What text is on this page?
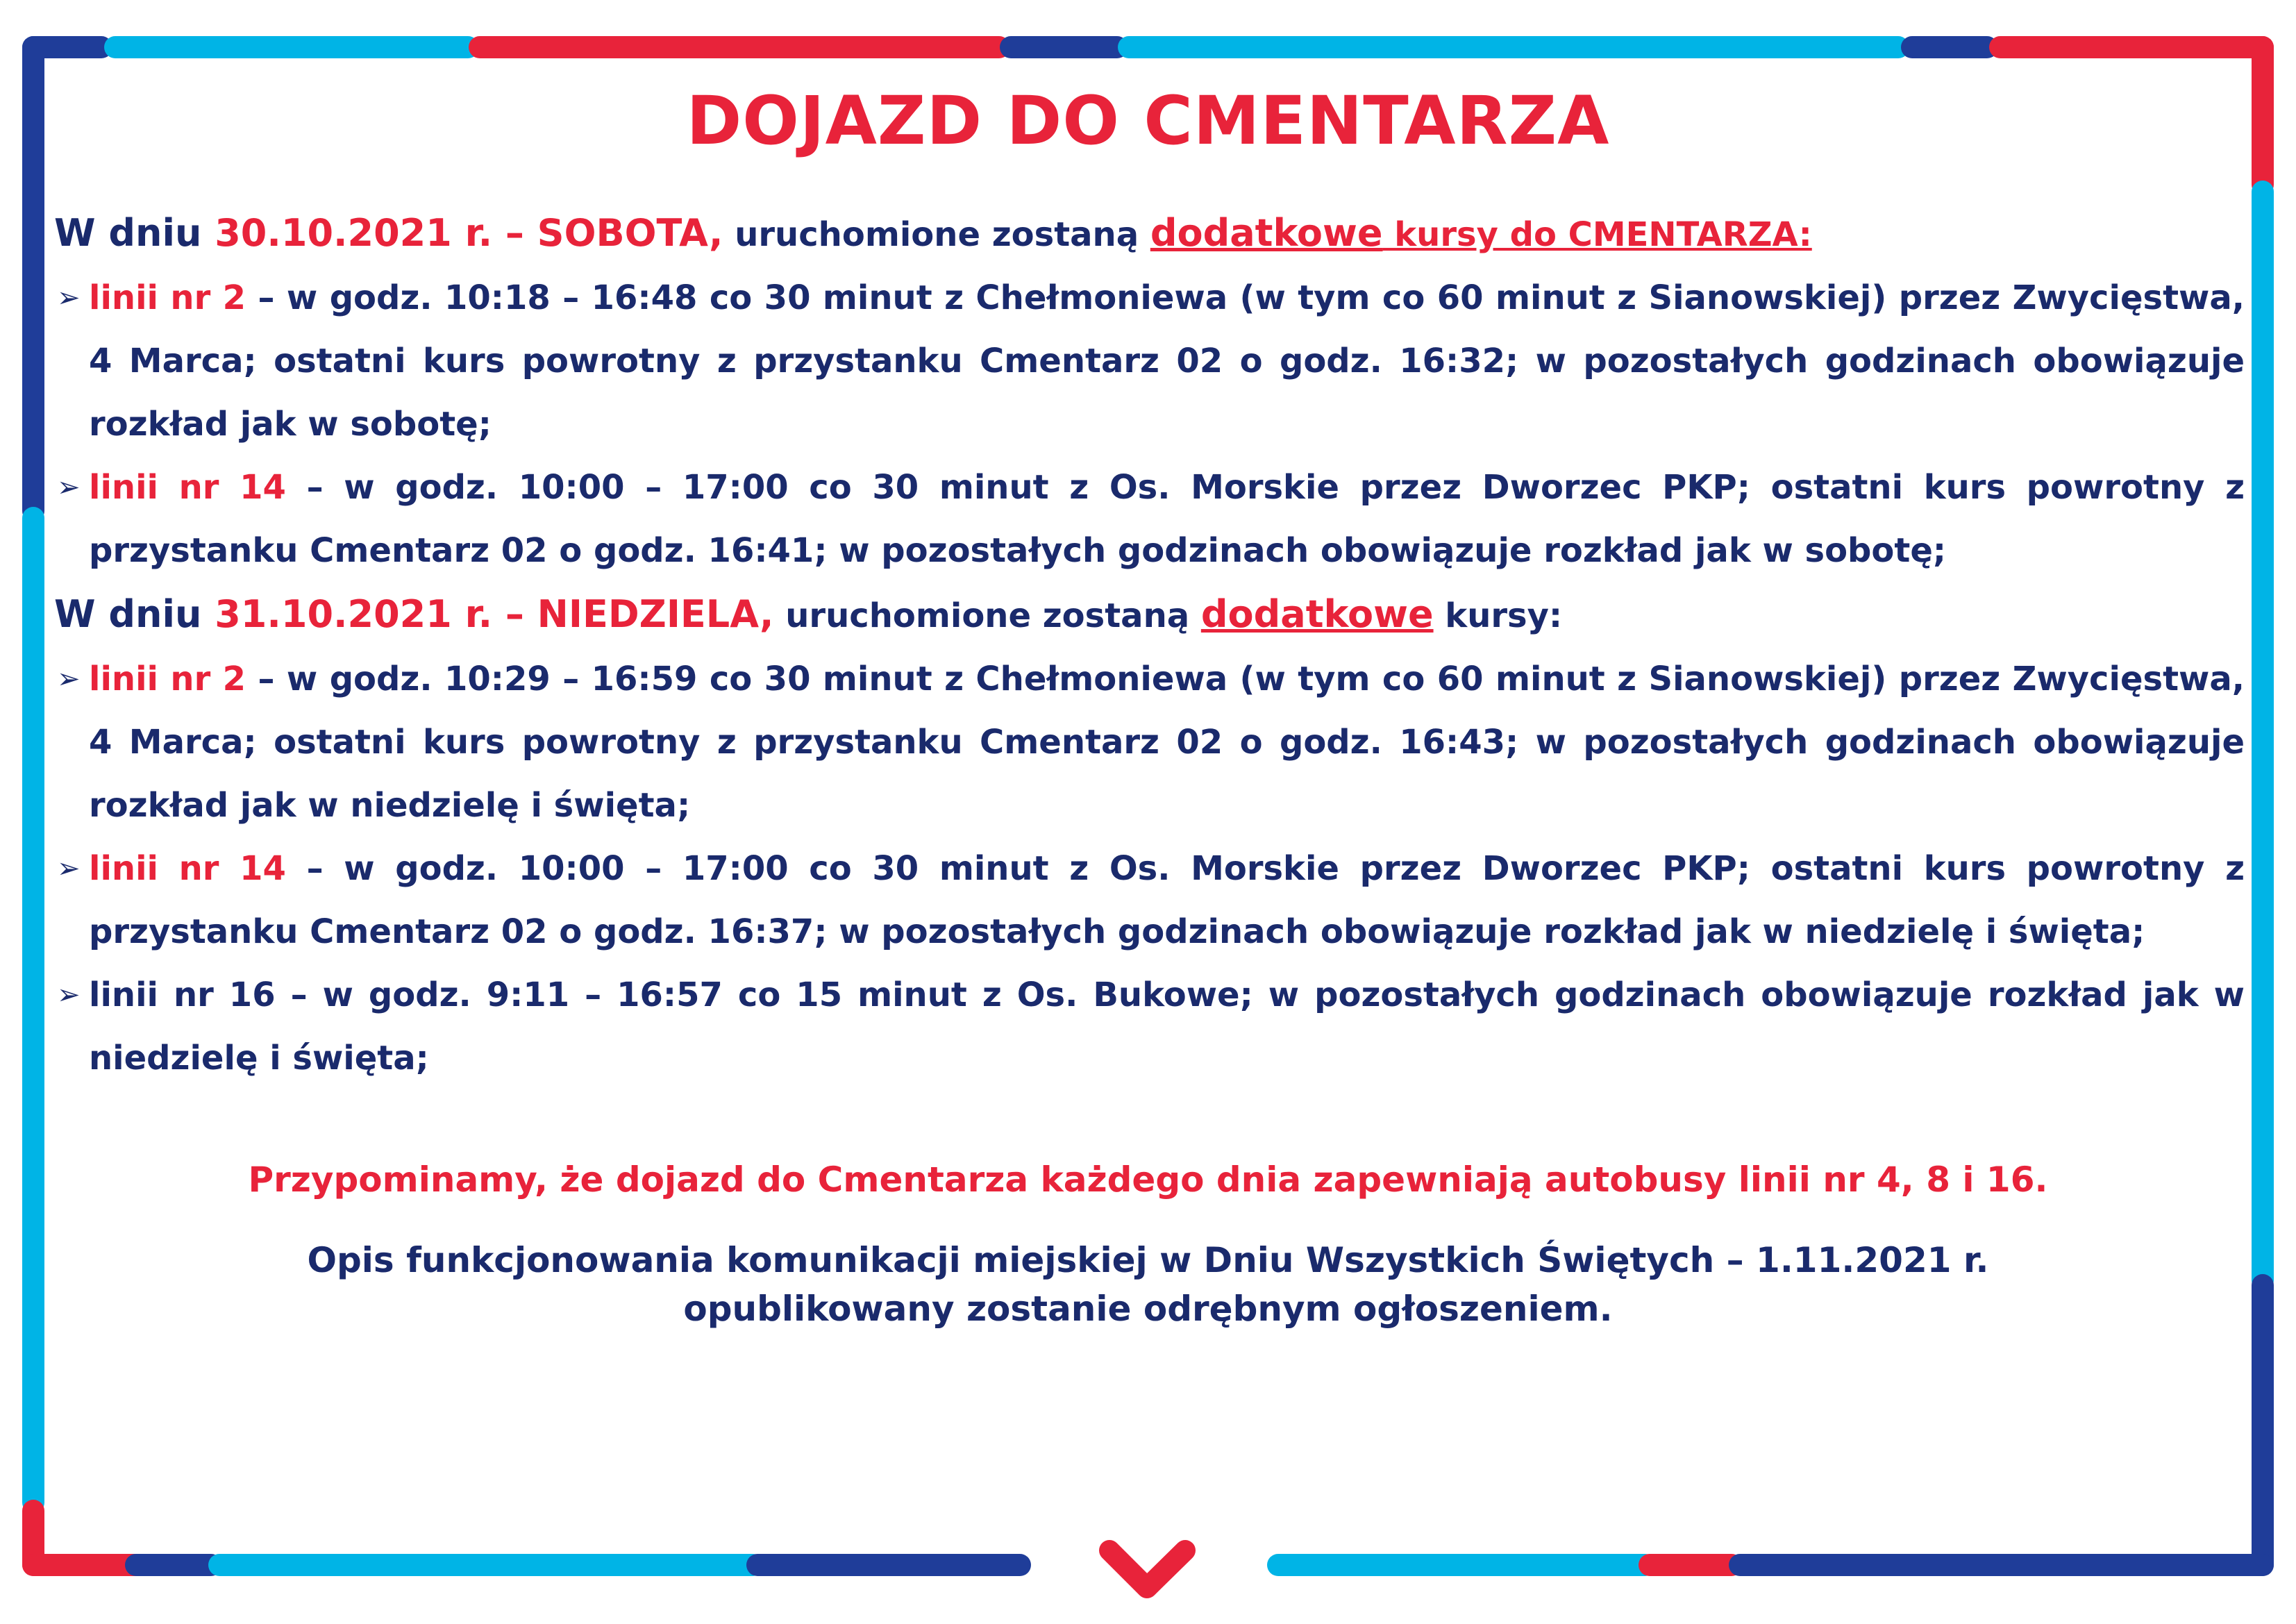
DOJAZD DO CMENTARZA

W dniu 30.10.2021 r. – SOBOTA, uruchomione zostaną dodatkowe kursy do CMENTARZA:

➢ linii nr 2 – w godz. 10:18 – 16:48 co 30 minut z Chełmoniewa (w tym co 60 minut z Sianowskiej) przez Zwycięstwa, 4 Marca; ostatni kurs powrotny z przystanku Cmentarz 02 o godz. 16:32; w pozostałych godzinach obowiązuje rozkład jak w sobotę;
➢ linii nr 14 – w godz. 10:00 – 17:00 co 30 minut z Os. Morskie przez Dworzec PKP; ostatni kurs powrotny z przystanku Cmentarz 02 o godz. 16:41; w pozostałych godzinach obowiązuje rozkład jak w sobotę;

W dniu 31.10.2021 r. – NIEDZIELA, uruchomione zostaną dodatkowe kursy:

➢ linii nr 2 – w godz. 10:29 – 16:59 co 30 minut z Chełmoniewa (w tym co 60 minut z Sianowskiej) przez Zwycięstwa, 4 Marca; ostatni kurs powrotny z przystanku Cmentarz 02 o godz. 16:43; w pozostałych godzinach obowiązuje rozkład jak w niedzielę i święta;
➢ linii nr 14 – w godz. 10:00 – 17:00 co 30 minut z Os. Morskie przez Dworzec PKP; ostatni kurs powrotny z przystanku Cmentarz 02 o godz. 16:37; w pozostałych godzinach obowiązuje rozkład jak w niedzielę i święta;
➢ linii nr 16 – w godz. 9:11 – 16:57 co 15 minut z Os. Bukowe; w pozostałych godzinach obowiązuje rozkład jak w niedzielę i święta;
Przypominamy, że dojazd do Cmentarza każdego dnia zapewniają autobusy linii nr 4, 8 i 16.
Opis funkcjonowania komunikacji miejskiej w Dniu Wszystkich Świętych – 1.11.2021 r.
opublikowany zostanie odrębnym ogłoszeniem.
